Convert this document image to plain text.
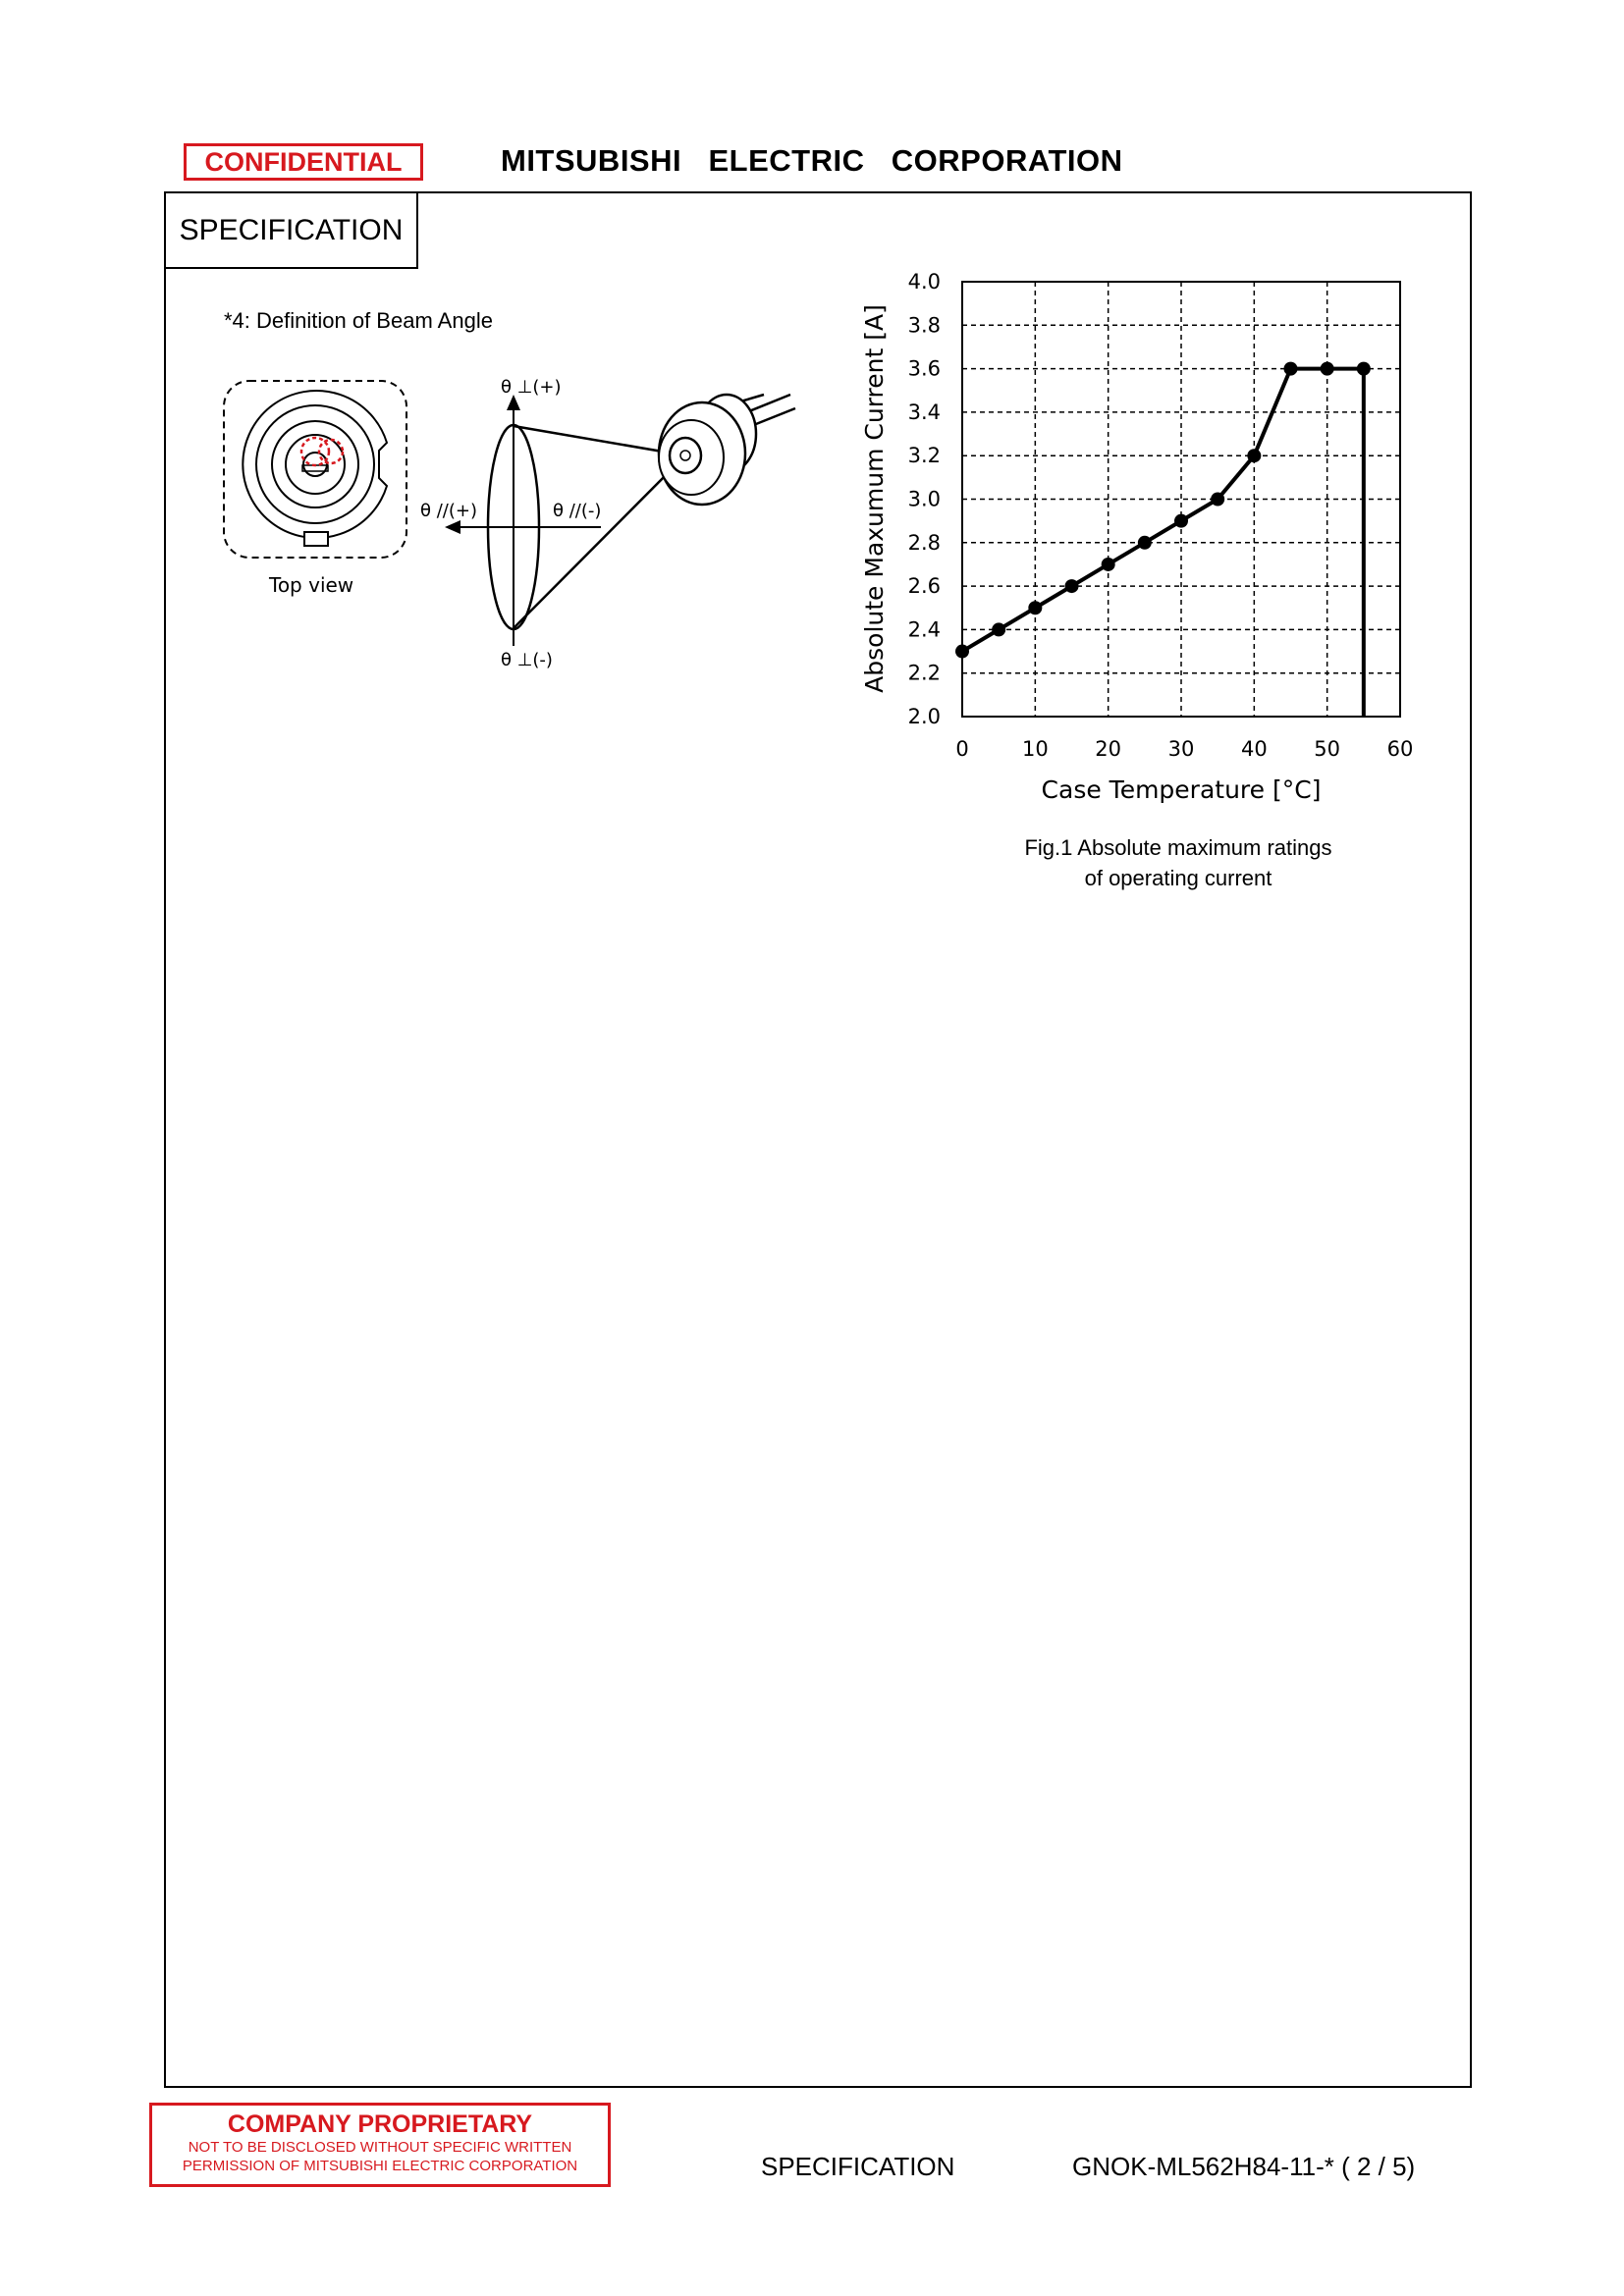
CONFIDENTIAL	MITSUBISHI   ELECTRIC   CORPORATION
SPECIFICATION
*4: Definition of Beam Angle
Top view
θ ⊥(+)
θ ⊥(-)
θ //(+)	θ //(-)
2.0
2.2
2.4
2.6
2.8
3.0
3.2
3.4
3.6
3.8
4.0
0	10 20 30 40 50 60
Absolute Maxumum Current [A]
Case Temperature [°C]
Fig.1 Absolute maximum ratings
of operating current
COMPANY PROPRIETARY
NOT TO BE DISCLOSED WITHOUT SPECIFIC WRITTEN
PERMISSION OF MITSUBISHI ELECTRIC CORPORATION	SPECIFICATION	GNOK-ML562H84-11-* ( 2 / 5)
